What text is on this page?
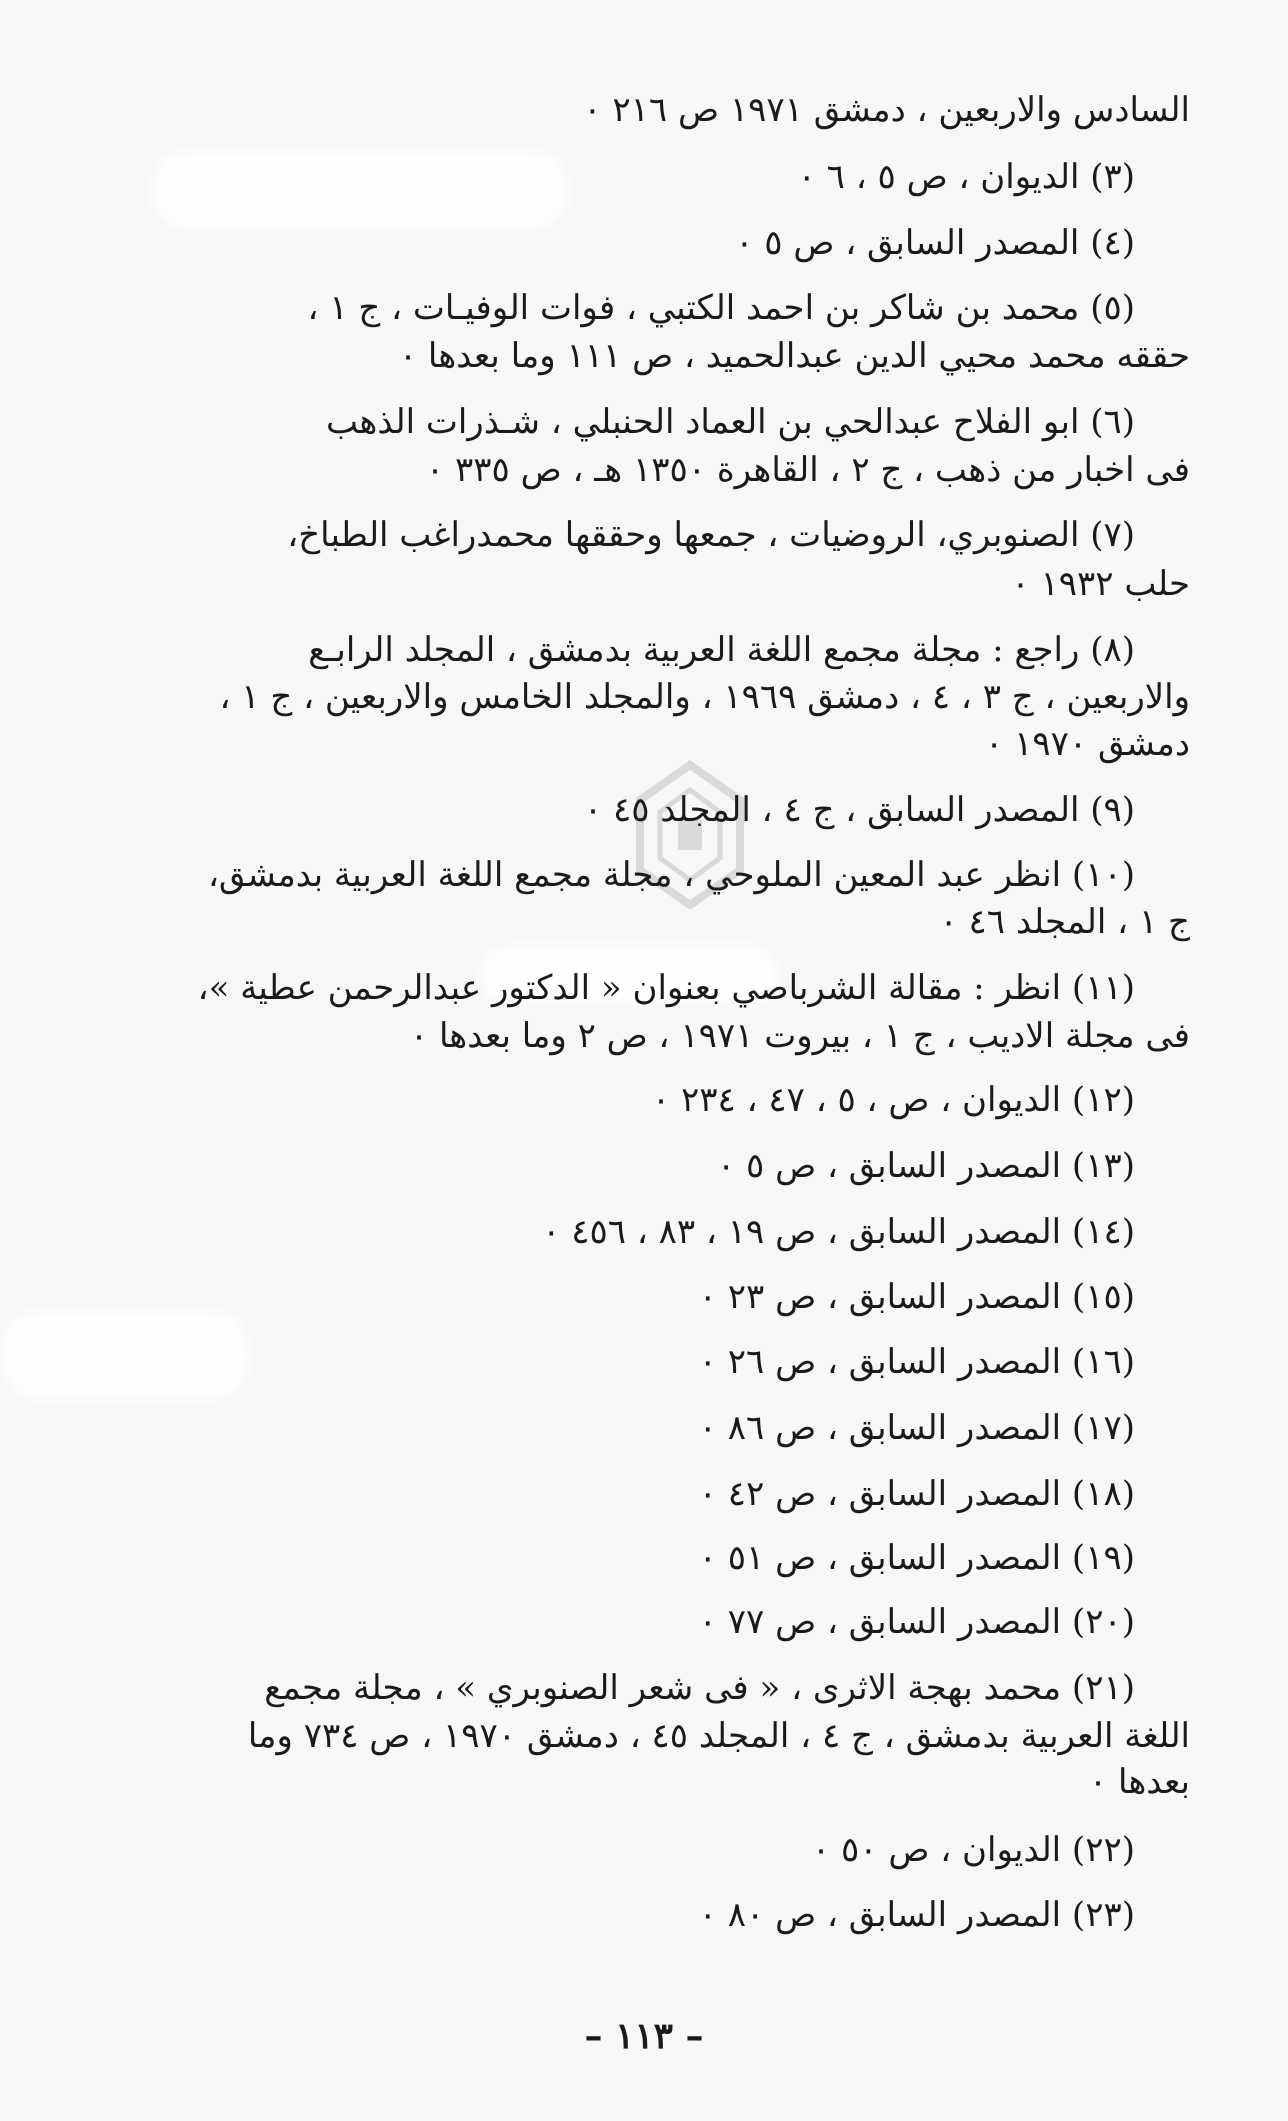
السادس والاربعين ، دمشق ١٩٧١ ص ٢١٦ ٠
(٣) الديوان ، ص ٥ ، ٦ ٠
(٤) المصدر السابق ، ص ٥ ٠
(٥) محمد بن شاكر بن احمد الكتبي ، فوات الوفيـات ، ج ١ ،
حققه محمد محيي الدين عبدالحميد ، ص ١١١ وما بعدها ٠
(٦) ابو الفلاح عبدالحي بن العماد الحنبلي ، شـذرات الذهب
فى اخبار من ذهب ، ج ٢ ، القاهرة ١٣٥٠ هـ ، ص ٣٣٥ ٠
(٧) الصنوبري، الروضيات ، جمعها وحققها محمدراغب الطباخ،
حلب ١٩٣٢ ٠
(٨) راجع : مجلة مجمع اللغة العربية بدمشق ، المجلد الرابـع
والاربعين ، ج ٣ ، ٤ ، دمشق ١٩٦٩ ، والمجلد الخامس والاربعين ، ج ١ ،
دمشق ١٩٧٠ ٠
(٩) المصدر السابق ، ج ٤ ، المجلد ٤٥ ٠
(١٠) انظر عبد المعين الملوحي ، مجلة مجمع اللغة العربية بدمشق،
ج ١ ، المجلد ٤٦ ٠
(١١) انظر : مقالة الشرباصي بعنوان « الدكتور عبدالرحمن عطية »،
فى مجلة الاديب ، ج ١ ، بيروت ١٩٧١ ، ص ٢ وما بعدها ٠
(١٢) الديوان ، ص ، ٥ ، ٤٧ ، ٢٣٤ ٠
(١٣) المصدر السابق ، ص ٥ ٠
(١٤) المصدر السابق ، ص ١٩ ، ٨٣ ، ٤٥٦ ٠
(١٥) المصدر السابق ، ص ٢٣ ٠
(١٦) المصدر السابق ، ص ٢٦ ٠
(١٧) المصدر السابق ، ص ٨٦ ٠
(١٨) المصدر السابق ، ص ٤٢ ٠
(١٩) المصدر السابق ، ص ٥١ ٠
(٢٠) المصدر السابق ، ص ٧٧ ٠
(٢١) محمد بهجة الاثرى ، « فى شعر الصنوبري » ، مجلة مجمع
اللغة العربية بدمشق ، ج ٤ ، المجلد ٤٥ ، دمشق ١٩٧٠ ، ص ٧٣٤ وما
بعدها ٠
(٢٢) الديوان ، ص ٥٠ ٠
(٢٣) المصدر السابق ، ص ٨٠ ٠
– ١١٣ –
